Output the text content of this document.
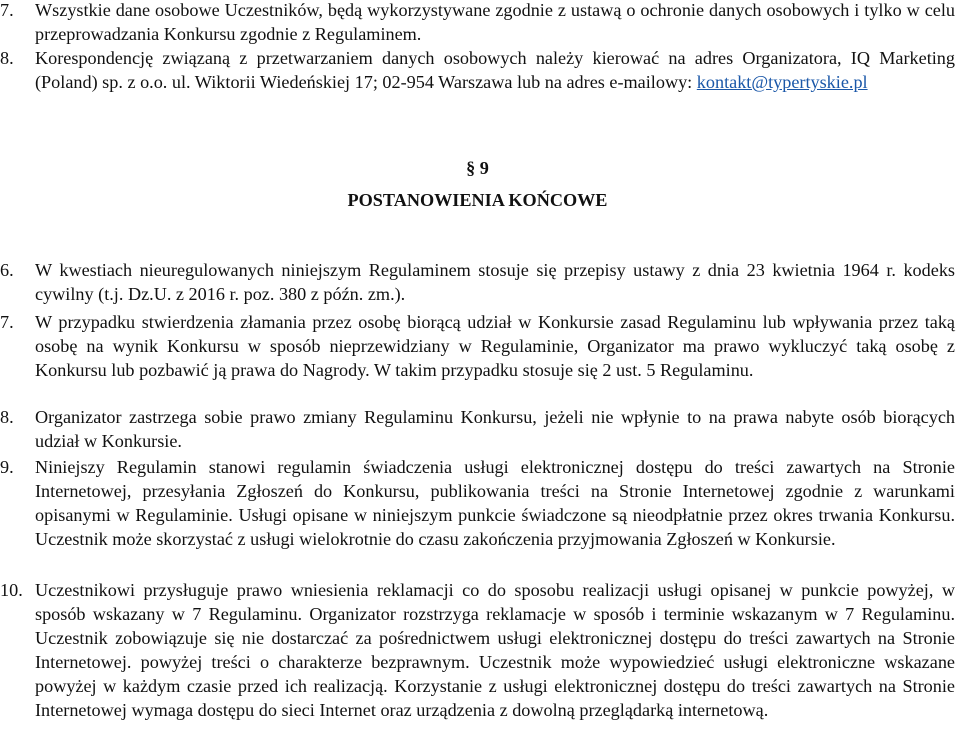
7. Wszystkie dane osobowe Uczestników, będą wykorzystywane zgodnie z ustawą o ochronie danych osobowych i tylko w celu przeprowadzania Konkursu zgodnie z Regulaminem.

8. Korespondencję związaną z przetwarzaniem danych osobowych należy kierować na adres Organizatora, IQ Marketing (Poland) sp. z o.o. ul. Wiktorii Wiedeńskiej 17; 02-954 Warszawa lub na adres e-mailowy: kontakt@typertyskie.pl

§ 9
POSTANOWIENIA KOŃCOWE
6. W kwestiach nieuregulowanych niniejszym Regulaminem stosuje się przepisy ustawy z dnia 23 kwietnia 1964 r. kodeks cywilny (t.j. Dz.U. z 2016 r. poz. 380 z późn. zm.).

7. W przypadku stwierdzenia złamania przez osobę biorącą udział w Konkursie zasad Regulaminu lub wpływania przez taką osobę na wynik Konkursu w sposób nieprzewidziany w Regulaminie, Organizator ma prawo wykluczyć taką osobę z Konkursu lub pozbawić ją prawa do Nagrody. W takim przypadku stosuje się 2 ust. 5 Regulaminu.

8. Organizator zastrzega sobie prawo zmiany Regulaminu Konkursu, jeżeli nie wpłynie to na prawa nabyte osób biorących udział w Konkursie.

9. Niniejszy Regulamin stanowi regulamin świadczenia usługi elektronicznej dostępu do treści zawartych na Stronie Internetowej, przesyłania Zgłoszeń do Konkursu, publikowania treści na Stronie Internetowej zgodnie z warunkami opisanymi w Regulaminie. Usługi opisane w niniejszym punkcie świadczone są nieodpłatnie przez okres trwania Konkursu. Uczestnik może skorzystać z usługi wielokrotnie do czasu zakończenia przyjmowania Zgłoszeń w Konkursie.

10. Uczestnikowi przysługuje prawo wniesienia reklamacji co do sposobu realizacji usługi opisanej w punkcie powyżej, w sposób wskazany w 7 Regulaminu. Organizator rozstrzyga reklamacje w sposób i terminie wskazanym w 7 Regulaminu. Uczestnik zobowiązuje się nie dostarczać za pośrednictwem usługi elektronicznej dostępu do treści zawartych na Stronie Internetowej. powyżej treści o charakterze bezprawnym. Uczestnik może wypowiedzieć usługi elektroniczne wskazane powyżej w każdym czasie przed ich realizacją. Korzystanie z usługi elektronicznej dostępu do treści zawartych na Stronie Internetowej wymaga dostępu do sieci Internet oraz urządzenia z dowolną przeglądarką internetową.
